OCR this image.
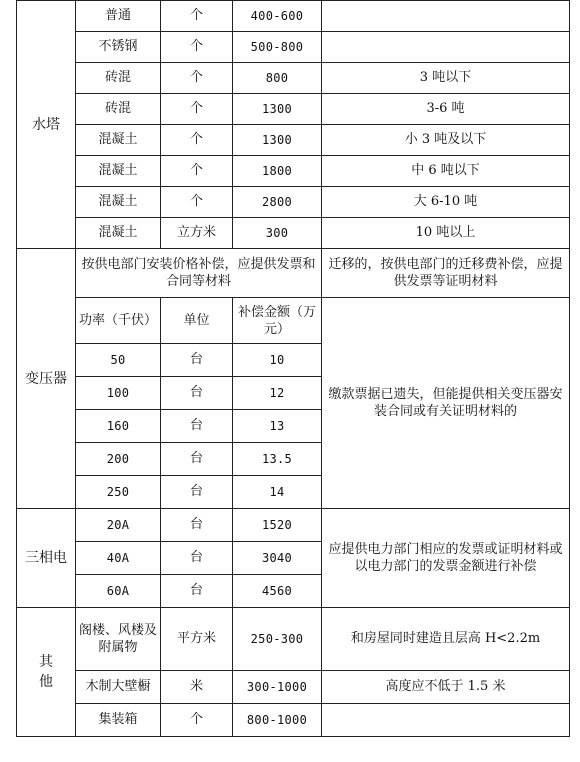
水塔	普通	个	400-600	
	不锈钢	个	500-800	
	砖混	个	800	3 吨以下
	砖混	个	1300	3-6 吨
	混凝土	个	1300	小 3 吨及以下
	混凝土	个	1800	中 6 吨以下
	混凝土	个	2800	大 6-10 吨
	混凝土	立方米	300	10 吨以上
变压器	按供电部门安装价格补偿，应提供发票和合同等材料			迁移的，按供电部门的迁移费补偿，应提供发票等证明材料
	功率（千伏）	单位	补偿金额（万元）	缴款票据已遗失，但能提供相关变压器安装合同或有关证明材料的
	50	台	10	
	100	台	12	
	160	台	13	
	200	台	13.5	
	250	台	14	
三相电	20A	台	1520	应提供电力部门相应的发票或证明材料或以电力部门的发票金额进行补偿
	40A	台	3040	
	60A	台	4560	
其他	阁楼、风楼及附属物	平方米	250-300	和房屋同时建造且层高 H<2.2m
	木制大壁橱	米	300-1000	高度应不低于 1.5 米
	集装箱	个	800-1000	
